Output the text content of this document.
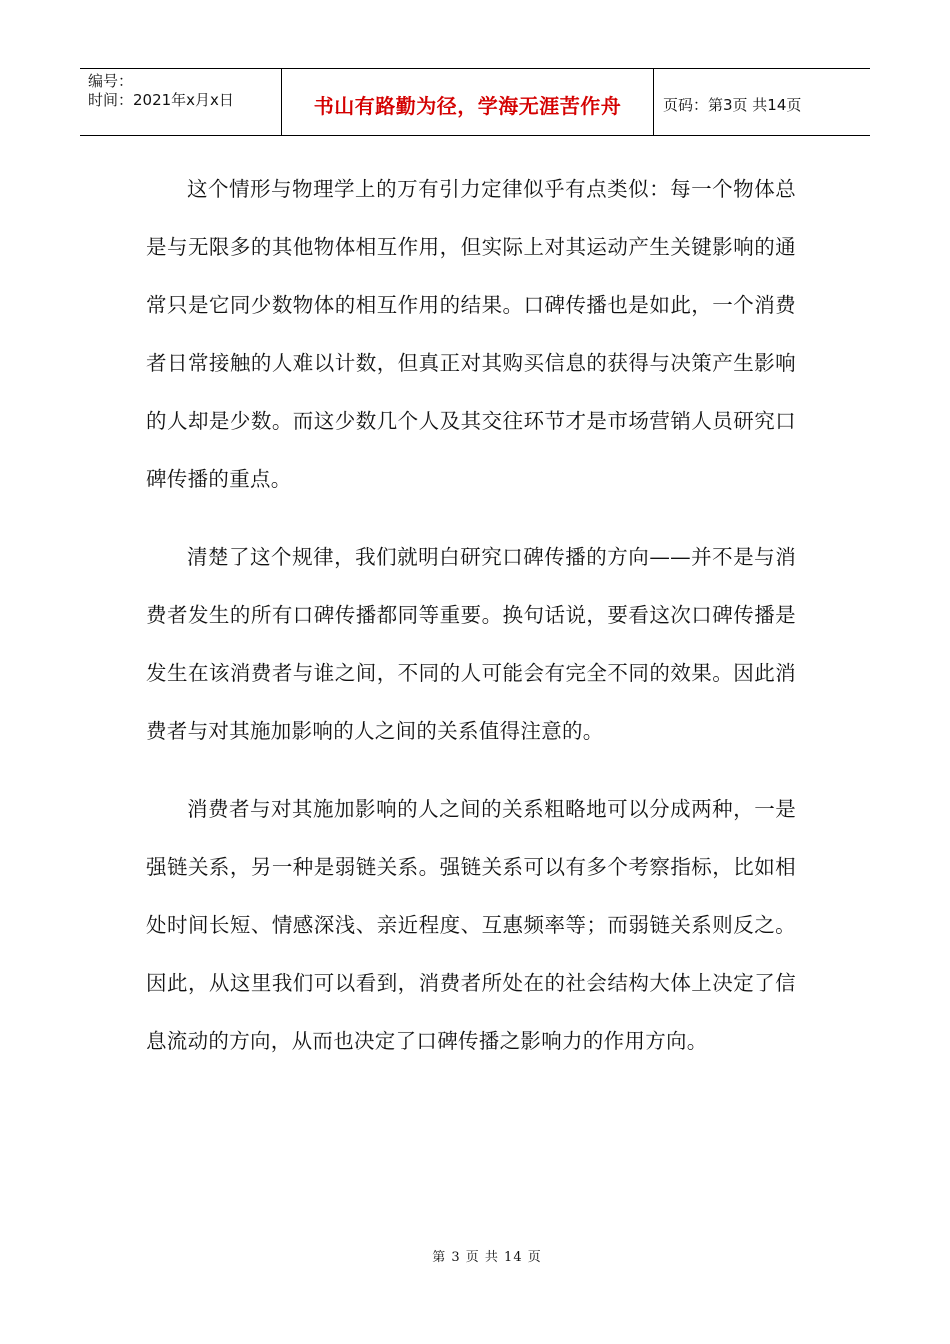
编号：
时间：2021年x月x日	书山有路勤为径，学海无涯苦作舟	页码：第3页 共14页

这个情形与物理学上的万有引力定律似乎有点类似：每一个物体总是与无限多的其他物体相互作用，但实际上对其运动产生关键影响的通常只是它同少数物体的相互作用的结果。口碑传播也是如此，一个消费者日常接触的人难以计数，但真正对其购买信息的获得与决策产生影响的人却是少数。而这少数几个人及其交往环节才是市场营销人员研究口碑传播的重点。

清楚了这个规律，我们就明白研究口碑传播的方向——并不是与消费者发生的所有口碑传播都同等重要。换句话说，要看这次口碑传播是发生在该消费者与谁之间，不同的人可能会有完全不同的效果。因此消费者与对其施加影响的人之间的关系值得注意的。

消费者与对其施加影响的人之间的关系粗略地可以分成两种，一是强链关系，另一种是弱链关系。强链关系可以有多个考察指标，比如相处时间长短、情感深浅、亲近程度、互惠频率等；而弱链关系则反之。因此，从这里我们可以看到，消费者所处在的社会结构大体上决定了信息流动的方向，从而也决定了口碑传播之影响力的作用方向。

第 3 页 共 14 页
